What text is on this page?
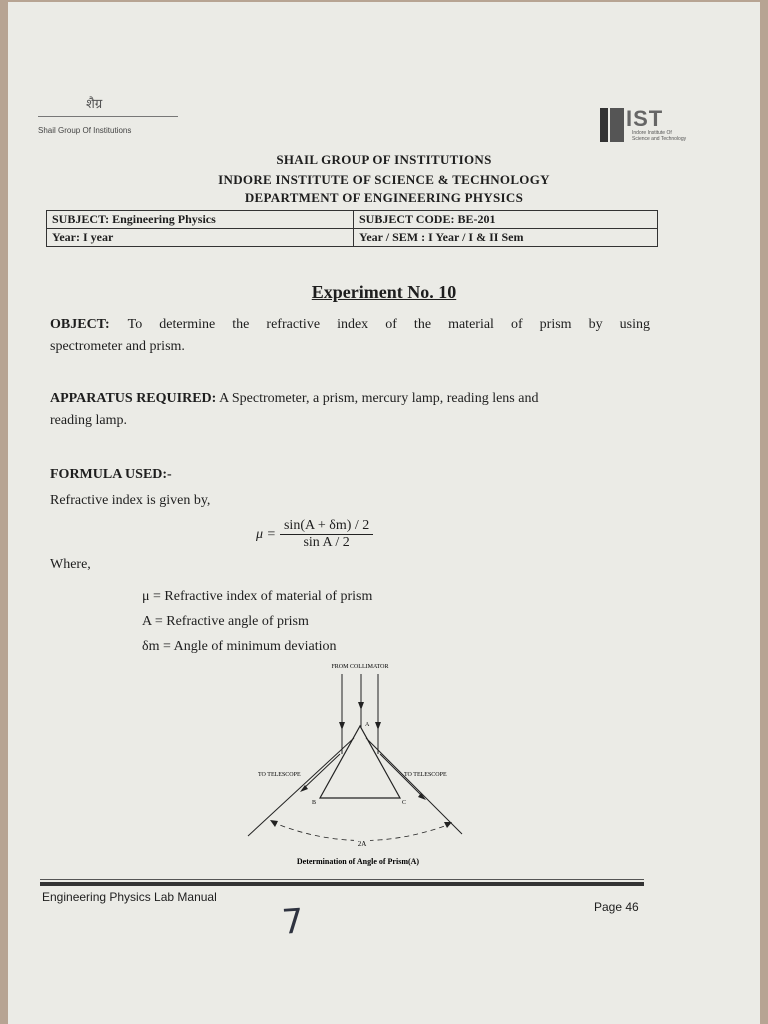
शैग्र
Shail Group Of Institutions	IST
Indore Institute Of
Science and Technology
SHAIL GROUP OF INSTITUTIONS
INDORE INSTITUTE OF SCIENCE & TECHNOLOGY
DEPARTMENT OF ENGINEERING PHYSICS
SUBJECT: Engineering Physics	SUBJECT CODE: BE-201
Year: I year	Year / SEM : I Year / I & II Sem
Experiment No. 10
OBJECT: To determine the refractive index of the material of prism by using
spectrometer and prism.
APPARATUS REQUIRED: A Spectrometer, a prism, mercury lamp, reading lens and
reading lamp.
FORMULA USED:-
Refractive index is given by,
$\mu = \frac{\sin(A + \delta m) / 2}{\text{sin A / 2}}$
Where,
μ = Refractive index of material of prism
A = Refractive angle of prism
δm = Angle of minimum deviation
FROM COLLIMATOR
A
B	C
TO TELESCOPE	TO TELESCOPE
2A
Determination of Angle of Prism(A)
Engineering Physics Lab Manual
Page 46
7
